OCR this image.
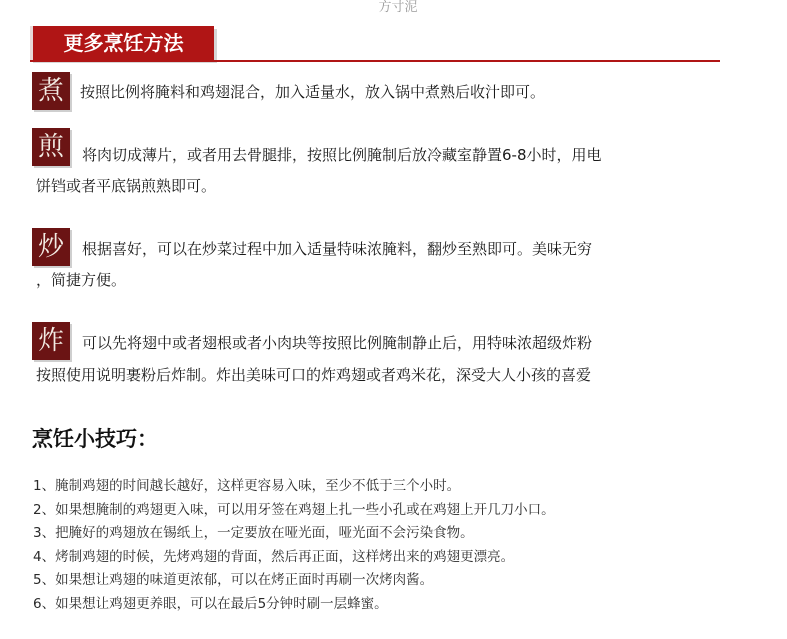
方寸泥
更多烹饪方法
煮	按照比例将腌料和鸡翅混合，加入适量水，放入锅中煮熟后收汁即可。
煎	将肉切成薄片，或者用去骨腿排，按照比例腌制后放冷藏室静置6-8小时，用电
饼铛或者平底锅煎熟即可。
炒	根据喜好，可以在炒菜过程中加入适量特味浓腌料，翻炒至熟即可。美味无穷
，简捷方便。
炸	可以先将翅中或者翅根或者小肉块等按照比例腌制静止后，用特味浓超级炸粉
按照使用说明裹粉后炸制。炸出美味可口的炸鸡翅或者鸡米花，深受大人小孩的喜爱
烹饪小技巧：
1、腌制鸡翅的时间越长越好，这样更容易入味，至少不低于三个小时。
2、如果想腌制的鸡翅更入味，可以用牙签在鸡翅上扎一些小孔或在鸡翅上开几刀小口。
3、把腌好的鸡翅放在锡纸上，一定要放在哑光面，哑光面不会污染食物。
4、烤制鸡翅的时候，先烤鸡翅的背面，然后再正面，这样烤出来的鸡翅更漂亮。
5、如果想让鸡翅的味道更浓郁，可以在烤正面时再刷一次烤肉酱。
6、如果想让鸡翅更养眼，可以在最后5分钟时刷一层蜂蜜。
